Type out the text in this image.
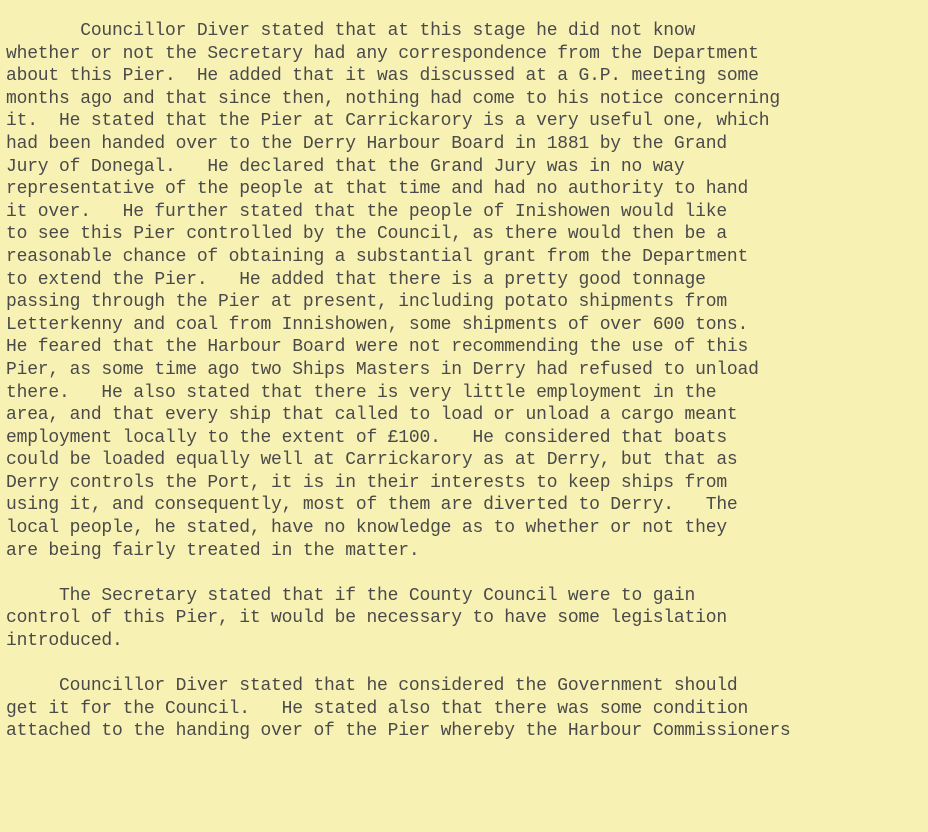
Councillor Diver stated that at this stage he did not know
whether or not the Secretary had any correspondence from the Department
about this Pier.  He added that it was discussed at a G.P. meeting some
months ago and that since then, nothing had come to his notice concerning
it.  He stated that the Pier at Carrickarory is a very useful one, which
had been handed over to the Derry Harbour Board in 1881 by the Grand
Jury of Donegal.   He declared that the Grand Jury was in no way
representative of the people at that time and had no authority to hand
it over.   He further stated that the people of Inishowen would like
to see this Pier controlled by the Council, as there would then be a
reasonable chance of obtaining a substantial grant from the Department
to extend the Pier.   He added that there is a pretty good tonnage
passing through the Pier at present, including potato shipments from
Letterkenny and coal from Innishowen, some shipments of over 600 tons.
He feared that the Harbour Board were not recommending the use of this
Pier, as some time ago two Ships Masters in Derry had refused to unload
there.   He also stated that there is very little employment in the
area, and that every ship that called to load or unload a cargo meant
employment locally to the extent of £100.   He considered that boats
could be loaded equally well at Carrickarory as at Derry, but that as
Derry controls the Port, it is in their interests to keep ships from
using it, and consequently, most of them are diverted to Derry.   The
local people, he stated, have no knowledge as to whether or not they
are being fairly treated in the matter.
The Secretary stated that if the County Council were to gain
control of this Pier, it would be necessary to have some legislation
introduced.
Councillor Diver stated that he considered the Government should
get it for the Council.   He stated also that there was some condition
attached to the handing over of the Pier whereby the Harbour Commissioners
